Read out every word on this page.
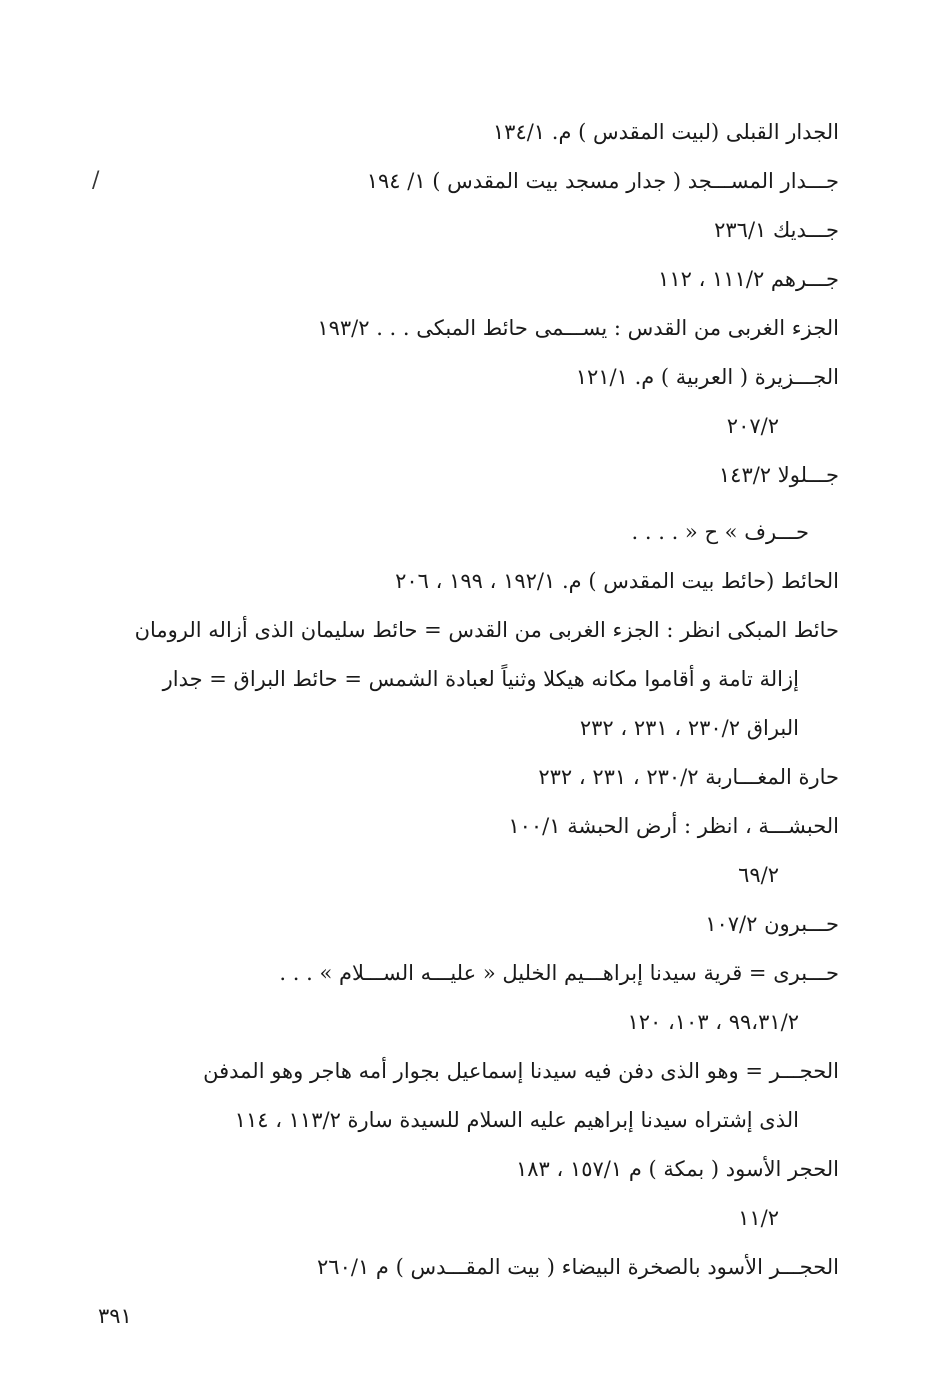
/
الجدار القبلى (لبيت المقدس ) م. ١٣٤/١
جـــدار المســـجد ( جدار مسجد بيت المقدس ) ١/ ١٩٤
جـــديك ٢٣٦/١
جـــرهم ١١١/٢ ، ١١٢
الجزء الغربى من القدس : يســـمى حائط المبكى . . . ١٩٣/٢
الجـــزيرة ( العربية ) م. ١٢١/١
٢٠٧/٢
جـــلولا ١٤٣/٢
حـــرف » ح « . . . .
الحائط (حائط بيت المقدس ) م. ١٩٢/١ ، ١٩٩ ، ٢٠٦
حائط المبكى انظر : الجزء الغربى من القدس = حائط سليمان الذى أزاله الرومان
إزالة تامة و أقاموا مكانه هيكلا وثنياً لعبادة الشمس = حائط البراق = جدار
البراق ٢٣٠/٢ ، ٢٣١ ، ٢٣٢
حارة المغـــاربة ٢٣٠/٢ ، ٢٣١ ، ٢٣٢
الحبشـــة ، انظر : أرض الحبشة ١٠٠/١
٦٩/٢
حـــبرون ١٠٧/٢
حـــبرى = قرية سيدنا إبراهـــيم الخليل « عليـــه الســـلام » . . .
٩٩،٣١/٢ ، ١٠٣، ١٢٠
الحجـــر = وهو الذى دفن فيه سيدنا إسماعيل بجوار أمه هاجر وهو المدفن
الذى إشتراه سيدنا إبراهيم عليه السلام للسيدة سارة ١١٣/٢ ، ١١٤
الحجر الأسود ( بمكة ) م ١٥٧/١ ، ١٨٣
١١/٢
الحجـــر الأسود بالصخرة البيضاء ( بيت المقـــدس ) م ٢٦٠/١
٣٩١
